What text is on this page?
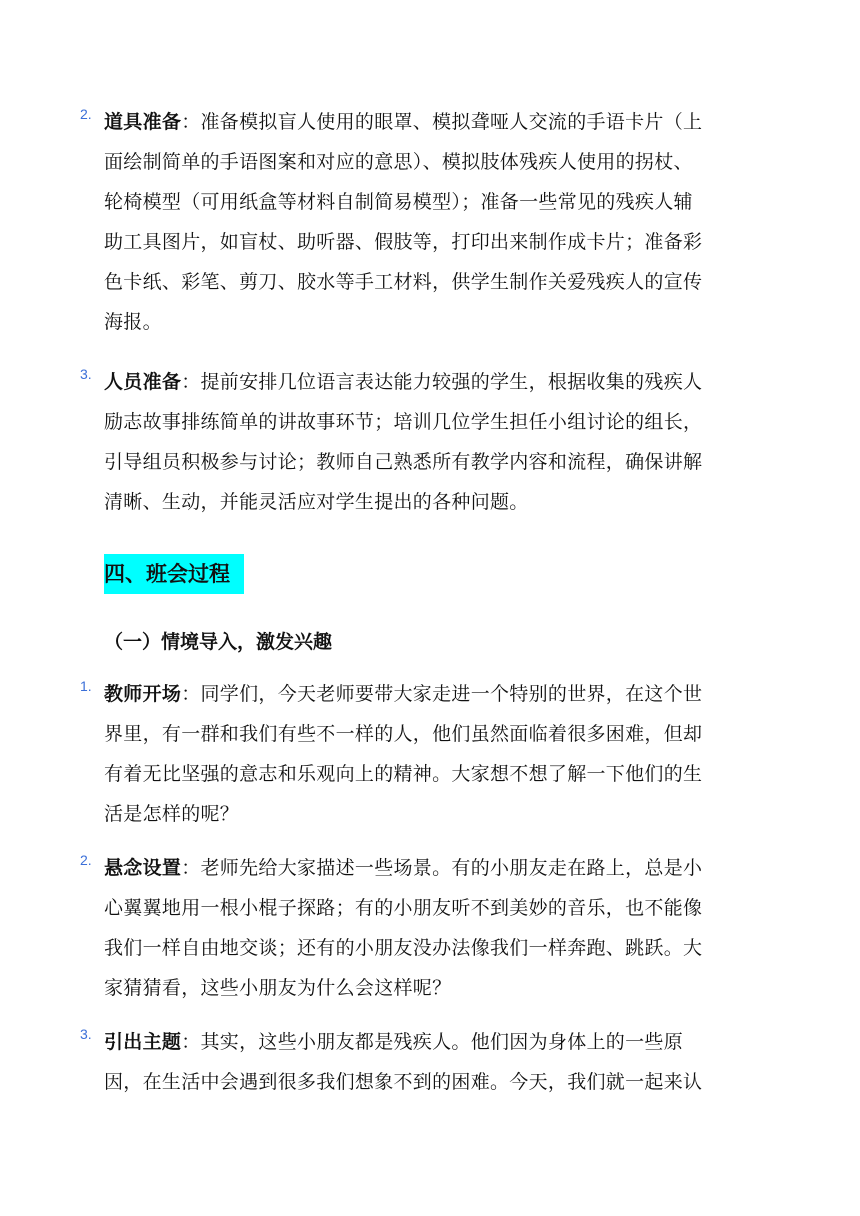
2. 道具准备：准备模拟盲人使用的眼罩、模拟聋哑人交流的手语卡片（上
面绘制简单的手语图案和对应的意思）、模拟肢体残疾人使用的拐杖、
轮椅模型（可用纸盒等材料自制简易模型）；准备一些常见的残疾人辅
助工具图片，如盲杖、助听器、假肢等，打印出来制作成卡片；准备彩
色卡纸、彩笔、剪刀、胶水等手工材料，供学生制作关爱残疾人的宣传
海报。
3. 人员准备：提前安排几位语言表达能力较强的学生，根据收集的残疾人
励志故事排练简单的讲故事环节；培训几位学生担任小组讨论的组长，
引导组员积极参与讨论；教师自己熟悉所有教学内容和流程，确保讲解
清晰、生动，并能灵活应对学生提出的各种问题。
四、班会过程
（一）情境导入，激发兴趣
1. 教师开场：同学们，今天老师要带大家走进一个特别的世界，在这个世
界里，有一群和我们有些不一样的人，他们虽然面临着很多困难，但却
有着无比坚强的意志和乐观向上的精神。大家想不想了解一下他们的生
活是怎样的呢？
2. 悬念设置：老师先给大家描述一些场景。有的小朋友走在路上，总是小
心翼翼地用一根小棍子探路；有的小朋友听不到美妙的音乐，也不能像
我们一样自由地交谈；还有的小朋友没办法像我们一样奔跑、跳跃。大
家猜猜看，这些小朋友为什么会这样呢？
3. 引出主题：其实，这些小朋友都是残疾人。他们因为身体上的一些原
因，在生活中会遇到很多我们想象不到的困难。今天，我们就一起来认
